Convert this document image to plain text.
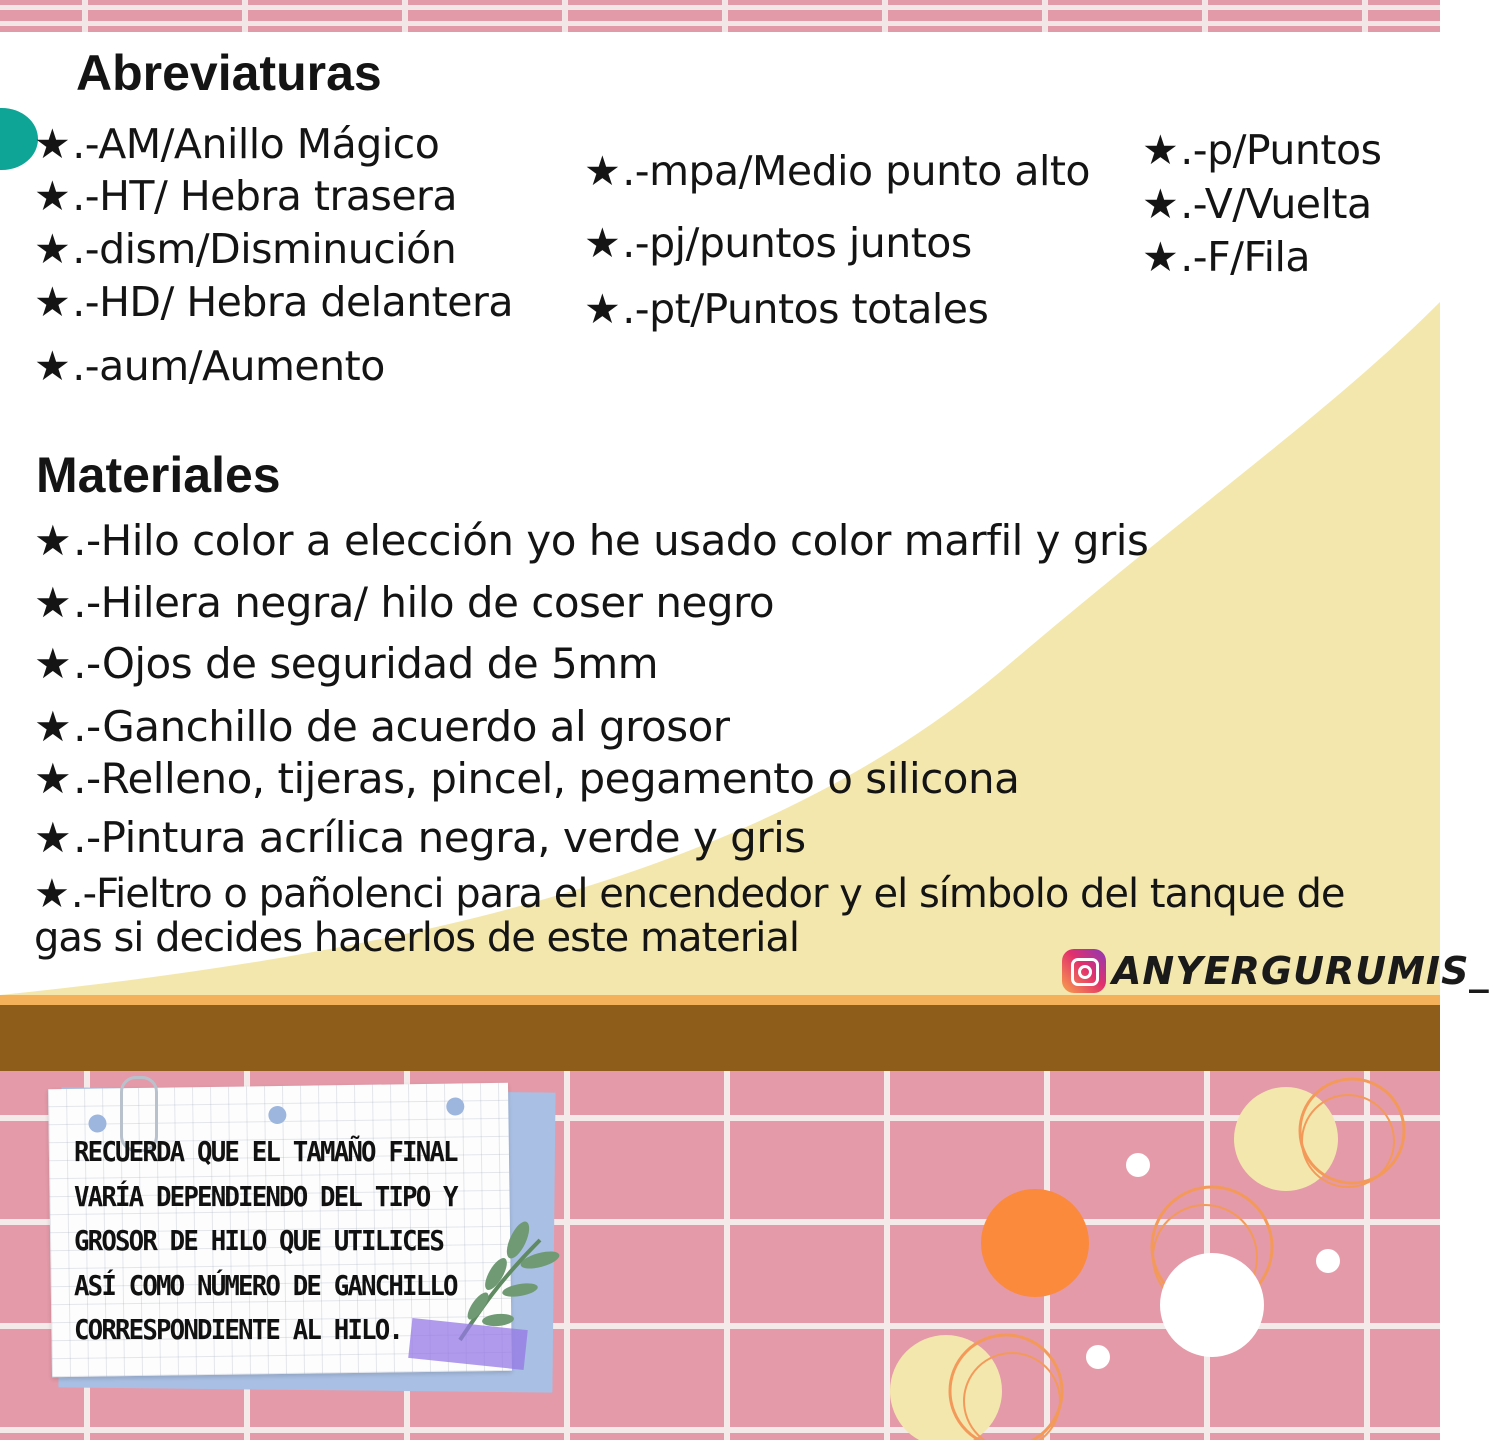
Abreviaturas
★.-AM/Anillo Mágico
★.-HT/ Hebra trasera
★.-dism/Disminución
★.-HD/ Hebra delantera
★.-aum/Aumento
★.-mpa/Medio punto alto
★.-pj/puntos juntos
★.-pt/Puntos totales
★.-p/Puntos
★.-V/Vuelta
★.-F/Fila
Materiales
★.-Hilo color a elección yo he usado color marfil y gris
★.-Hilera negra/ hilo de coser negro
★.-Ojos de seguridad de 5mm
★.-Ganchillo de acuerdo al grosor
★.-Relleno, tijeras, pincel, pegamento o silicona
★.-Pintura acrílica negra, verde y gris
★.-Fieltro o pañolenci para el encendedor y el símbolo del tanque de gas si decides hacerlos de este material
ANYERGURUMIS_
RECUERDA QUE EL TAMAÑO FINAL
VARÍA DEPENDIENDO DEL TIPO Y
GROSOR DE HILO QUE UTILICES
ASÍ COMO NÚMERO DE GANCHILLO
CORRESPONDIENTE AL HILO.
